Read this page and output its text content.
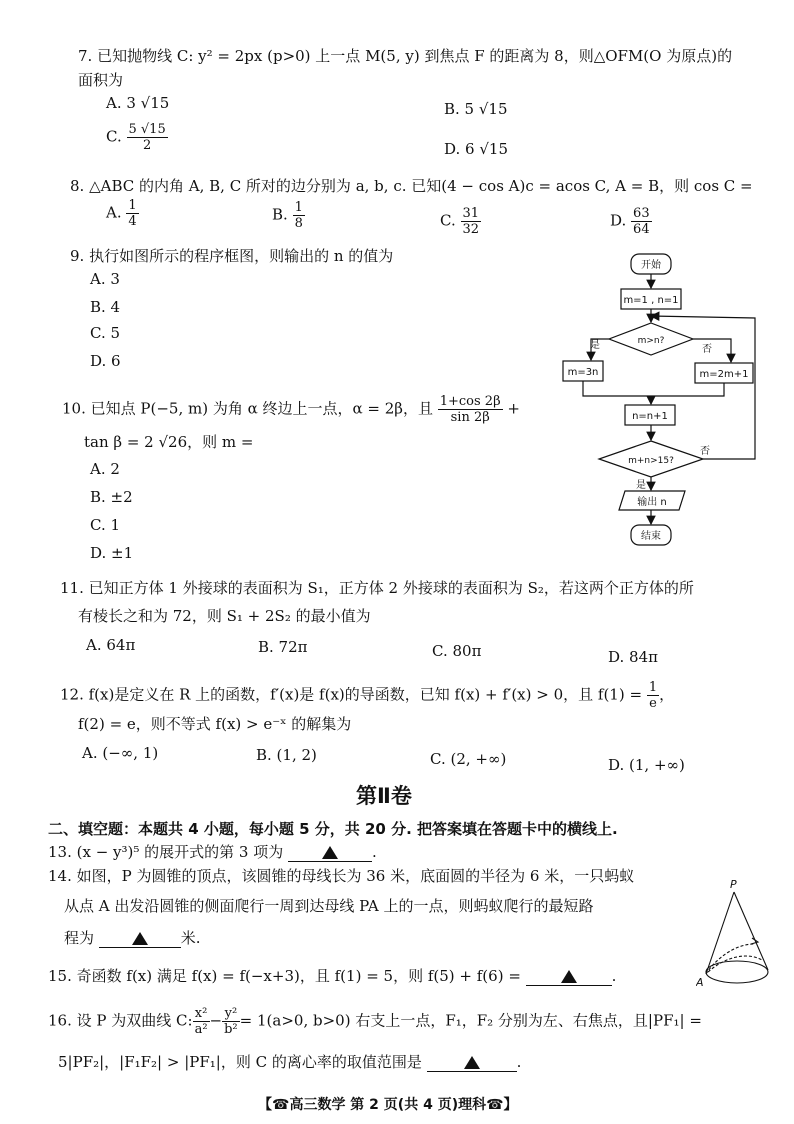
7. 已知抛物线 C: y² = 2px (p>0) 上一点 M(5, y) 到焦点 F 的距离为 8，则△OFM(O 为原点)的
面积为
A. 3 √15	B. 5 √15
C. $\frac{5 √15}{2}$	D. 6 √15
8. △ABC 的内角 A, B, C 所对的边分别为 a, b, c. 已知(4 − cos A)c = acos C, A = B，则 cos C =
A. $\frac{1}{4}$	B. $\frac{1}{8}$	C. $\frac{31}{32}$	D. $\frac{63}{64}$
9. 执行如图所示的程序框图，则输出的 n 的值为
A. 3
B. 4
C. 5
D. 6
开始
m=1 , n=1
m>n?
是	否
m=3n	m=2m+1
n=n+1
m+n>15?
否
是
输出 n
结束
10. 已知点 P(−5, m) 为角 α 终边上一点，α = 2β，且 $\frac{1+\cos 2\beta}{\sin 2\beta}$ +
tan β = 2 √26，则 m =
A. 2
B. ±2
C. 1
D. ±1
11. 已知正方体 1 外接球的表面积为 S₁，正方体 2 外接球的表面积为 S₂，若这两个正方体的所
有棱长之和为 72，则 S₁ + 2S₂ 的最小值为
A. 64π	B. 72π	C. 80π	D. 84π
12. f(x)是定义在 R 上的函数，f′(x)是 f(x)的导函数，已知 f(x) + f′(x) > 0，且 $f(1) = \frac{1}{e}$ ，
f(2) = e，则不等式 f(x) > e⁻ˣ 的解集为
A. (−∞, 1)	B. (1, 2)	C. (2, +∞)	D. (1, +∞)
第Ⅱ卷
二、填空题：本题共 4 小题，每小题 5 分，共 20 分. 把答案填在答题卡中的横线上.
13. (x − y³)⁵ 的展开式的第 3 项为	.
14. 如图，P 为圆锥的顶点，该圆锥的母线长为 36 米，底面圆的半径为 6 米，一只蚂蚁
从点 A 出发沿圆锥的侧面爬行一周到达母线 PA 上的一点，则蚂蚁爬行的最短路
程为	米.
P
A
15. 奇函数 f(x) 满足 f(x) = f(−x+3)，且 f(1) = 5，则 f(5) + f(6) =	.
16. 设 P 为双曲线 C: $\frac{\text{x²}}{\text{a²}} - \frac{\text{y²}}{\text{b²}} = 1(a>0$, b>0) 右支上一点，F₁，F₂ 分别为左、右焦点，且|PF₁| =
5|PF₂|，|F₁F₂| > |PF₁|，则 C 的离心率的取值范围是	.
【☎高三数学 第 2 页(共 4 页)理科☎】
